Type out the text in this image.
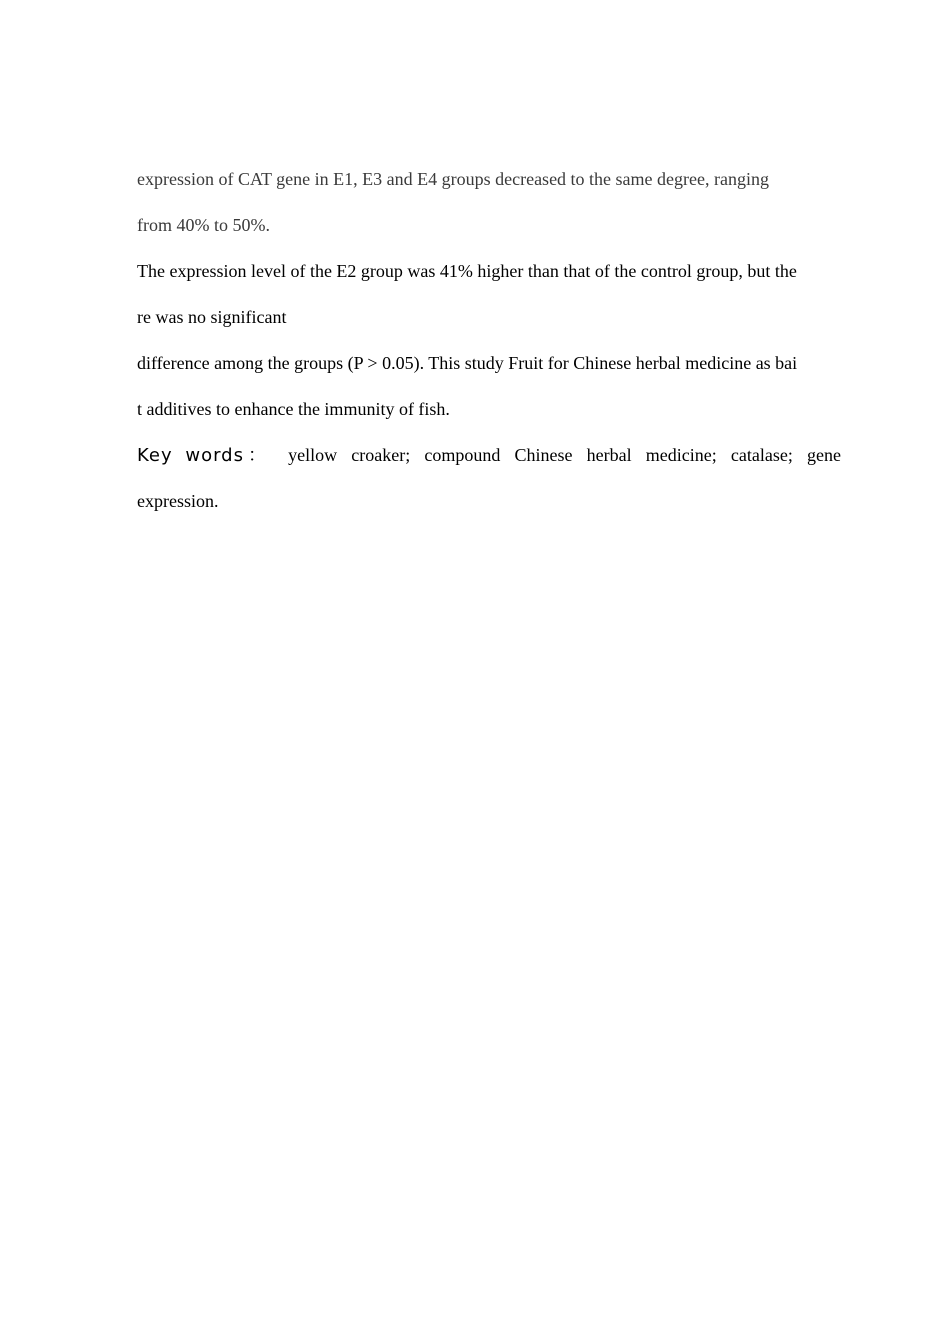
expression of CAT gene in E1, E3 and E4 groups decreased to the same degree, ranging
from 40% to 50%.
The expression level of the E2 group was 41% higher than that of the control group, but the
re was no significant
difference among the groups (P > 0.05). This study Fruit for Chinese herbal medicine as bai
t additives to enhance the immunity of fish.
Key words ：	yellow croaker; compound Chinese herbal medicine; catalase; gene
expression.
